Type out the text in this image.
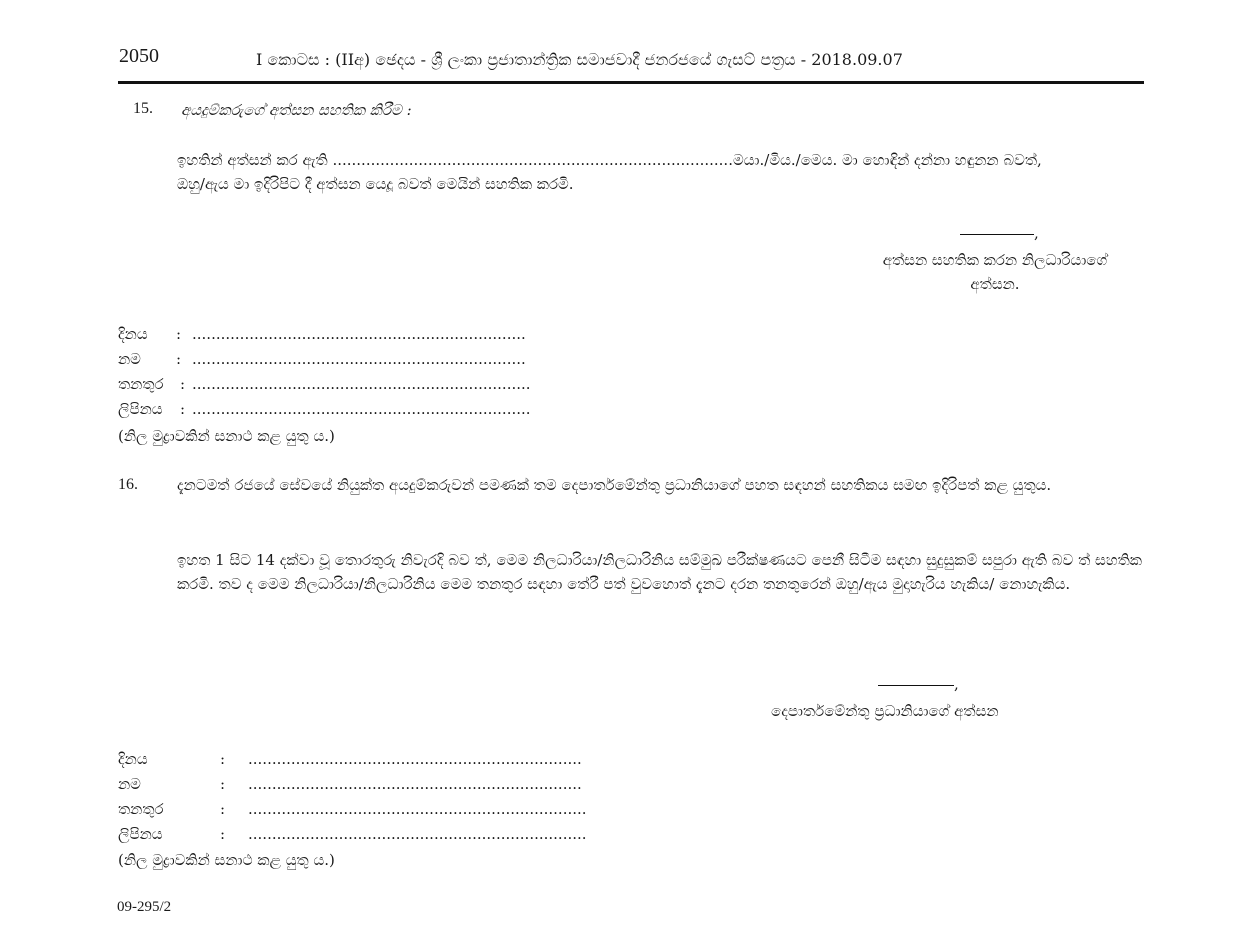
2050	I කොටස : (IIඅ) ඡෙදය - ශ්‍රී ලංකා ප්‍රජාතාන්ත්‍රික සමාජවාදී ජනරජයේ ගැසට් පත්‍රය - 2018.09.07
15. අයදුම්කරුගේ අත්සන සහතික කිරීම :
ඉහතින් අත්සන් කර ඇති ....................................................................................මයා./මිය./මෙය. මා හොඳින් දන්නා හඳුනන බවත්,
ඔහු/ඇය මා ඉදිරිපිට දී අත්සන යෙදූ බවත් මෙයින් සහතික කරමි.
,
අත්සන සහතික කරන නිලධාරියාගේ
අත්සන.
දිනය : ......................................................................
නම : ......................................................................
තනතුර : .......................................................................
ලිපිනය : .......................................................................
(නිල මුද්‍රාවකින් සනාථ කළ යුතු ය.)
16.	දැනටමත් රජයේ සේවයේ නියුක්ත අයදුම්කරුවන් පමණක් තම දෙපාර්තමේන්තු ප්‍රධානියාගේ පහත සඳහන් සහතිකය සමඟ ඉදිරිපත් කළ යුතුය.
ඉහත 1 සිට 14 දක්වා වූ තොරතුරු නිවැරදි බව ත්, මෙම නිලධාරියා/නිලධාරිනිය සම්මුඛ පරීක්ෂණයට පෙනී සිටීම සඳහා සුදුසුකම් සපුරා ඇති බව ත් සහතික කරමි. තව ද මෙම නිලධාරියා/නිලධාරිනිය මෙම තනතුර සඳහා තේරී පත් වුවහොත් දැනට දරන තනතුරෙන් ඔහු/ඇය මුදාහැරිය හැකිය/ නොහැකිය.
,
දෙපාර්තමේන්තු ප්‍රධානියාගේ අත්සන
දිනය	: ......................................................................
නම	: ......................................................................
තනතුර	: .......................................................................
ලිපිනය	: .......................................................................
(නිල මුද්‍රාවකින් සනාථ කළ යුතු ය.)
09-295/2
